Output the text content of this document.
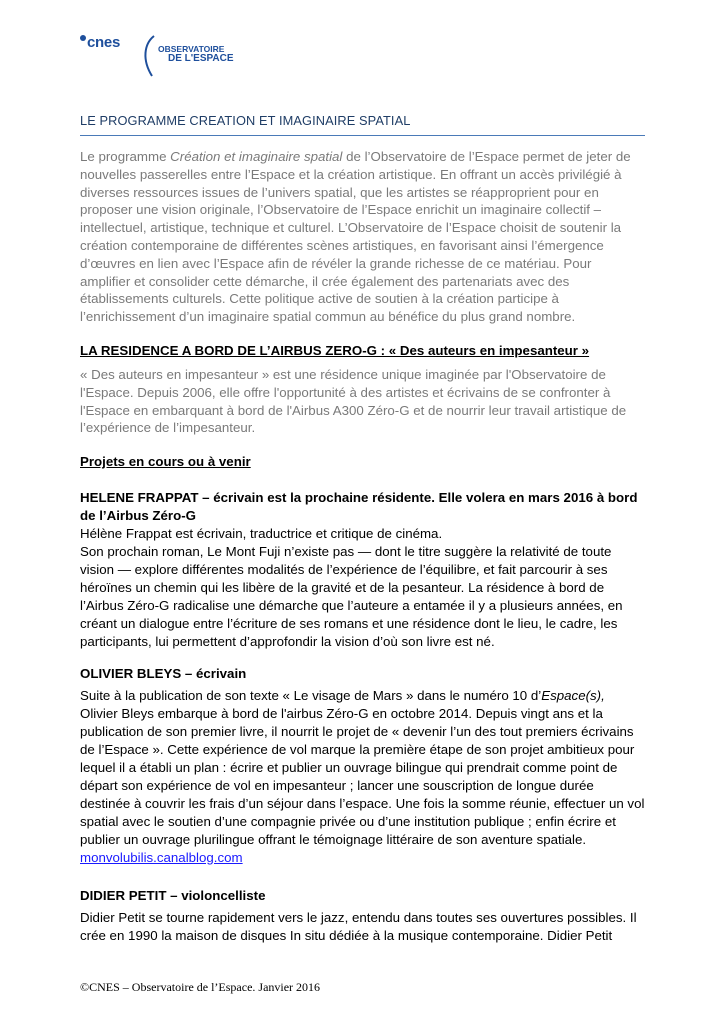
cnes	OBSERVATOIRE
DE L'ESPACE
LE PROGRAMME CREATION ET IMAGINAIRE SPATIAL

Le programme Création et imaginaire spatial de l’Observatoire de l’Espace permet de jeter de nouvelles passerelles entre l’Espace et la création artistique. En offrant un accès privilégié à diverses ressources issues de l’univers spatial, que les artistes se réapproprient pour en proposer une vision originale, l’Observatoire de l’Espace enrichit un imaginaire collectif – intellectuel, artistique, technique et culturel. L’Observatoire de l’Espace choisit de soutenir la création contemporaine de différentes scènes artistiques, en favorisant ainsi l’émergence d’œuvres en lien avec l’Espace afin de révéler la grande richesse de ce matériau. Pour amplifier et consolider cette démarche, il crée également des partenariats avec des établissements culturels. Cette politique active de soutien à la création participe à l’enrichissement d’un imaginaire spatial commun au bénéfice du plus grand nombre.

LA RESIDENCE A BORD DE L’AIRBUS ZERO-G : « Des auteurs en impesanteur »

« Des auteurs en impesanteur » est une résidence unique imaginée par l'Observatoire de l'Espace. Depuis 2006, elle offre l'opportunité à des artistes et écrivains de se confronter à l'Espace en embarquant à bord de l'Airbus A300 Zéro-G et de nourrir leur travail artistique de l’expérience de l’impesanteur.

Projets en cours ou à venir

HELENE FRAPPAT – écrivain est la prochaine résidente. Elle volera en mars 2016 à bord de l’Airbus Zéro-G

Hélène Frappat est écrivain, traductrice et critique de cinéma.

Son prochain roman, Le Mont Fuji n’existe pas — dont le titre suggère la relativité de toute vision — explore différentes modalités de l’expérience de l’équilibre, et fait parcourir à ses héroïnes un chemin qui les libère de la gravité et de la pesanteur. La résidence à bord de l’Airbus Zéro-G radicalise une démarche que l’auteure a entamée il y a plusieurs années, en créant un dialogue entre l’écriture de ses romans et une résidence dont le lieu, le cadre, les participants, lui permettent d’approfondir la vision d’où son livre est né.

OLIVIER BLEYS – écrivain

Suite à la publication de son texte « Le visage de Mars » dans le numéro 10 d’Espace(s), Olivier Bleys embarque à bord de l'airbus Zéro-G en octobre 2014. Depuis vingt ans et la publication de son premier livre, il nourrit le projet de « devenir l’un des tout premiers écrivains de l’Espace ». Cette expérience de vol marque la première étape de son projet ambitieux pour lequel il a établi un plan : écrire et publier un ouvrage bilingue qui prendrait comme point de départ son expérience de vol en impesanteur ; lancer une souscription de longue durée destinée à couvrir les frais d’un séjour dans l’espace. Une fois la somme réunie, effectuer un vol spatial avec le soutien d’une compagnie privée ou d’une institution publique ; enfin écrire et publier un ouvrage plurilingue offrant le témoignage littéraire de son aventure spatiale.
monvolubilis.canalblog.com

DIDIER PETIT – violoncelliste

Didier Petit se tourne rapidement vers le jazz, entendu dans toutes ses ouvertures possibles. Il crée en 1990 la maison de disques In situ dédiée à la musique contemporaine. Didier Petit

©CNES – Observatoire de l’Espace. Janvier 2016
